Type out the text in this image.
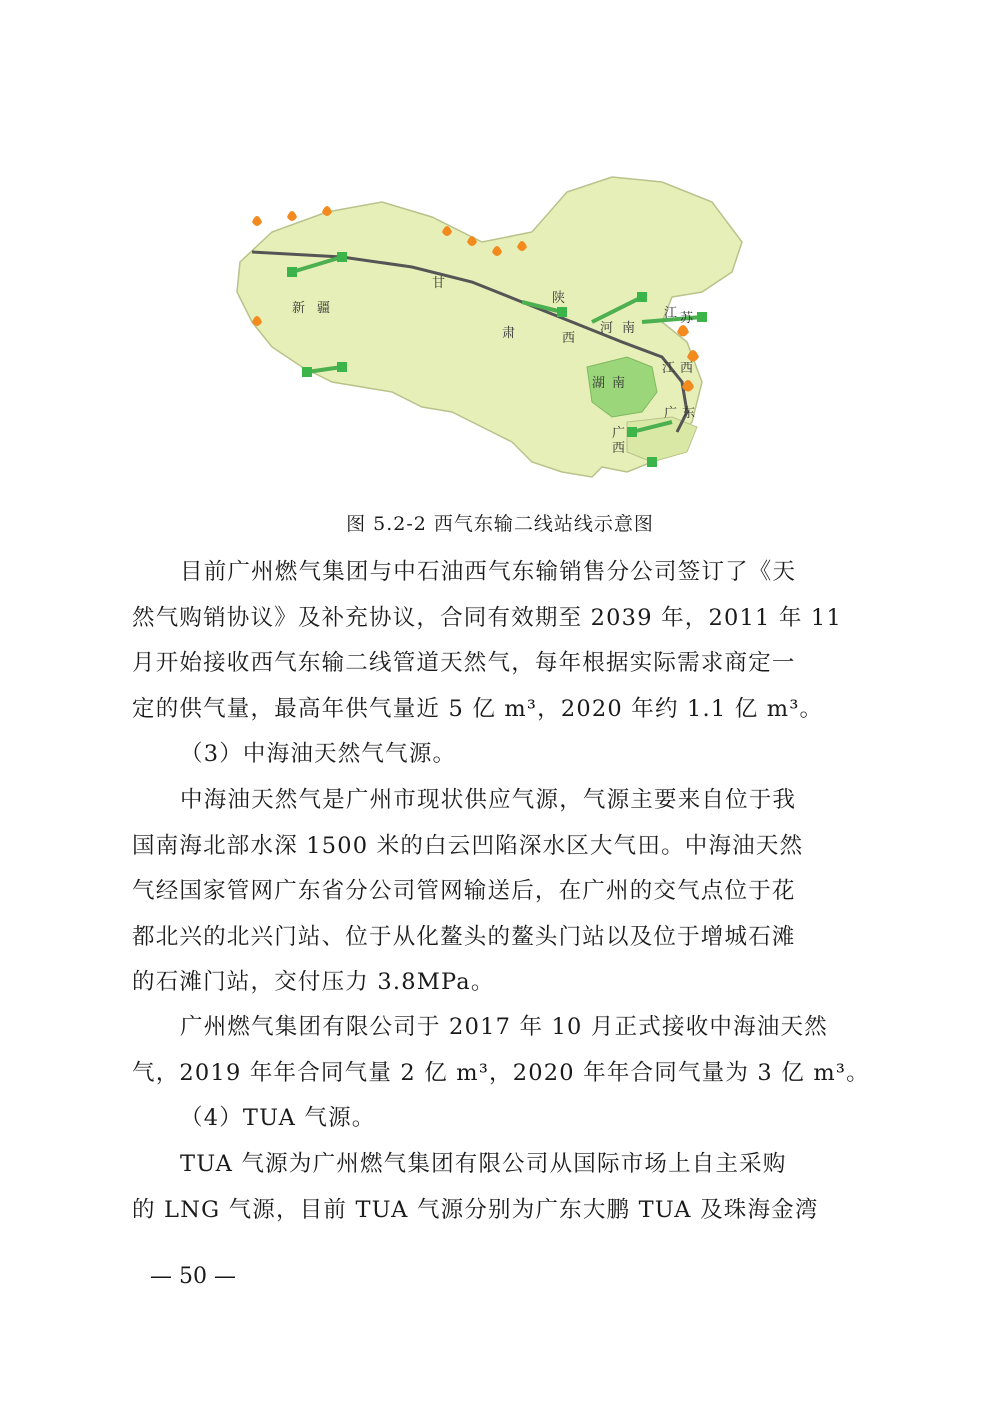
新 疆
甘
肃
陕
西
河 南
江 苏
湖 南
江 西
广 东
广
西
图 5.2-2 西气东输二线站线示意图
目前广州燃气集团与中石油西气东输销售分公司签订了《天
然气购销协议》及补充协议，合同有效期至 2039 年，2011 年 11
月开始接收西气东输二线管道天然气，每年根据实际需求商定一
定的供气量，最高年供气量近 5 亿 m³，2020 年约 1.1 亿 m³。
（3）中海油天然气气源。
中海油天然气是广州市现状供应气源，气源主要来自位于我
国南海北部水深 1500 米的白云凹陷深水区大气田。中海油天然
气经国家管网广东省分公司管网输送后，在广州的交气点位于花
都北兴的北兴门站、位于从化鳌头的鳌头门站以及位于增城石滩
的石滩门站，交付压力 3.8MPa。
广州燃气集团有限公司于 2017 年 10 月正式接收中海油天然
气，2019 年年合同气量 2 亿 m³，2020 年年合同气量为 3 亿 m³。
（4）TUA 气源。
TUA 气源为广州燃气集团有限公司从国际市场上自主采购
的 LNG 气源，目前 TUA 气源分别为广东大鹏 TUA 及珠海金湾
— 50 —
